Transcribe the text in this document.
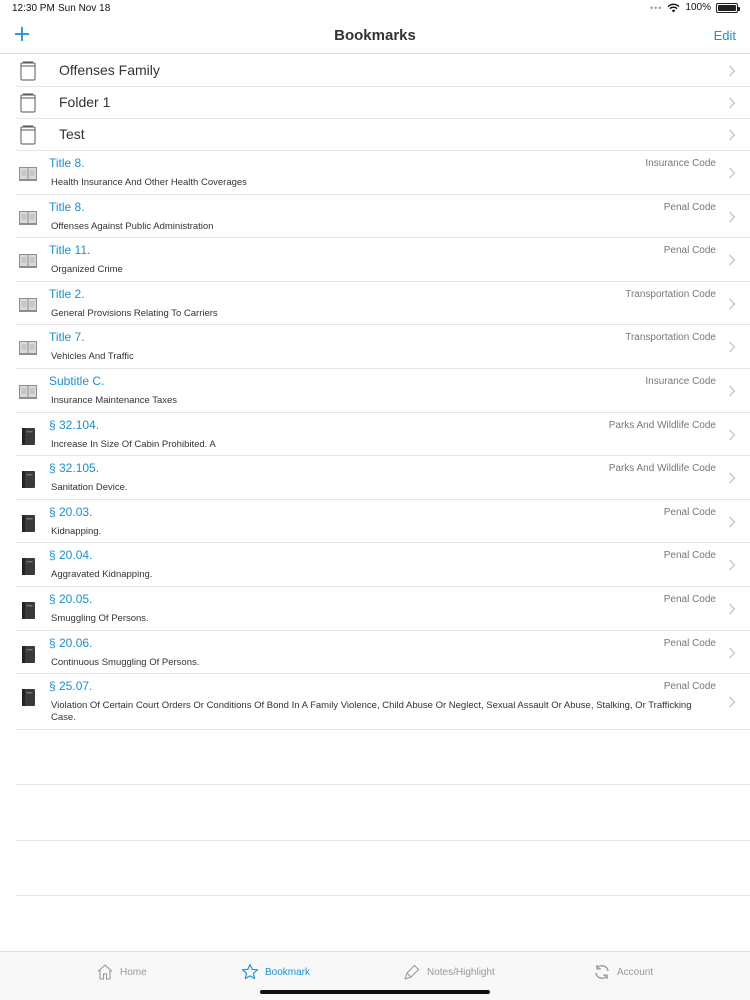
12:30 PM Sun Nov 18	••• 100%
Bookmarks	Edit
Offenses Family
Folder 1
Test
Title 8.	Insurance Code
Health Insurance And Other Health Coverages
Title 8.	Penal Code
Offenses Against Public Administration
Title 11.	Penal Code
Organized Crime
Title 2.	Transportation Code
General Provisions Relating To Carriers
Title 7.	Transportation Code
Vehicles And Traffic
Subtitle C.	Insurance Code
Insurance Maintenance Taxes
§ 32.104.	Parks And Wildlife Code
Increase In Size Of Cabin Prohibited. A
§ 32.105.	Parks And Wildlife Code
Sanitation Device.
§ 20.03.	Penal Code
Kidnapping.
§ 20.04.	Penal Code
Aggravated Kidnapping.
§ 20.05.	Penal Code
Smuggling Of Persons.
§ 20.06.	Penal Code
Continuous Smuggling Of Persons.
§ 25.07.	Penal Code
Violation Of Certain Court Orders Or Conditions Of Bond In A Family Violence, Child Abuse Or Neglect, Sexual Assault Or Abuse, Stalking, Or Trafficking Case.
Home	Bookmark	Notes/Highlight	Account
